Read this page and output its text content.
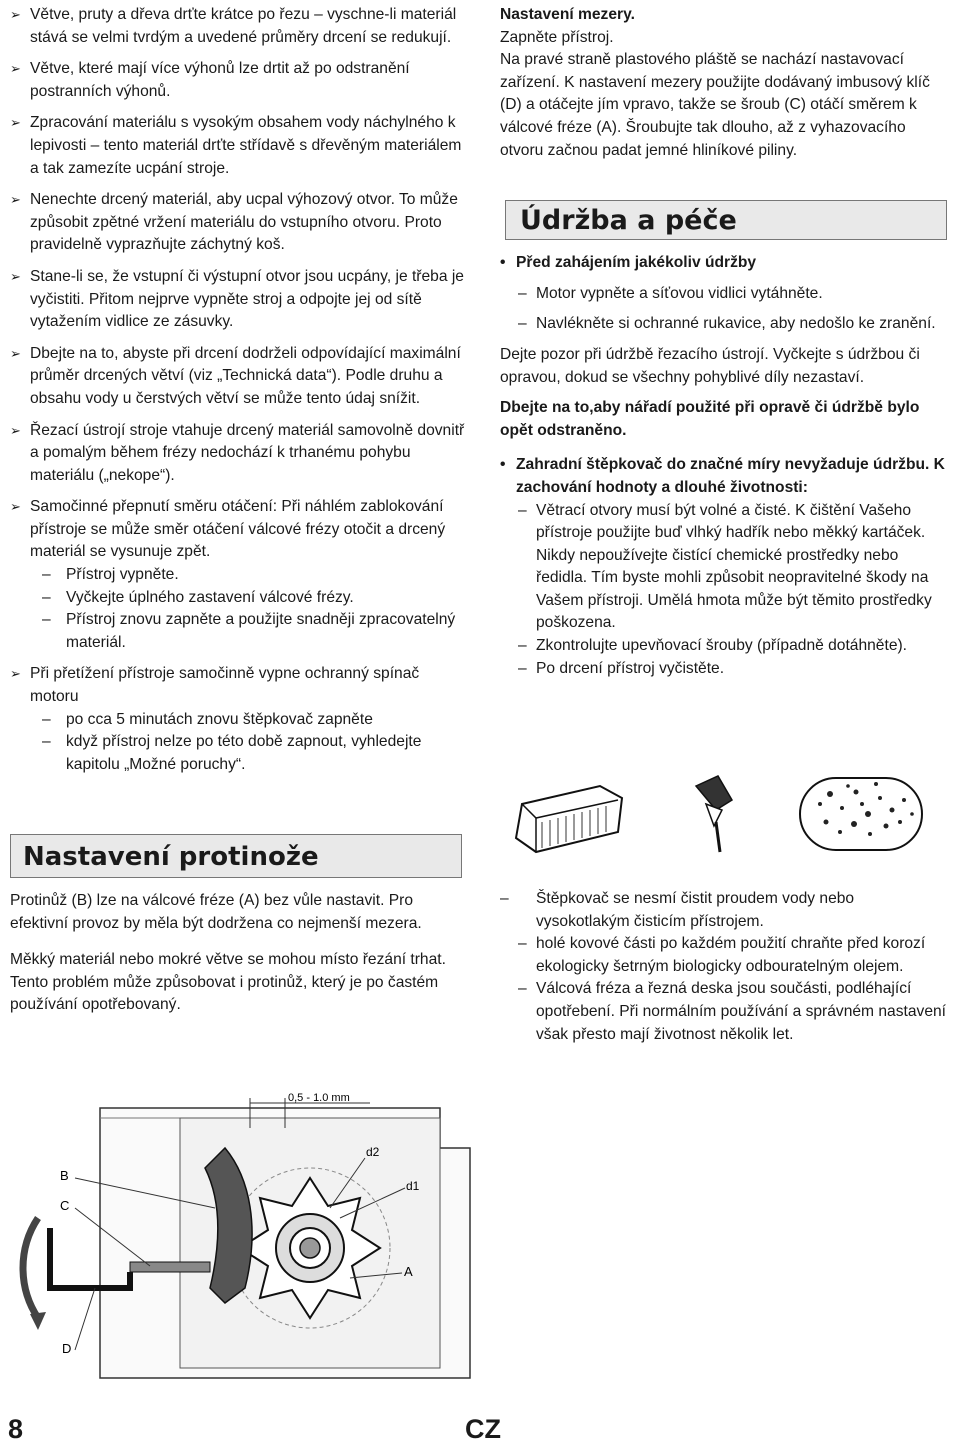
➢ Větve, pruty a dřeva drťte krátce po řezu – vyschne-li materiál stává se velmi tvrdým a uvedené průměry drcení se redukují.

➢ Větve, které mají více výhonů lze drtit až po odstranění postranních výhonů.

➢ Zpracování materiálu s vysokým obsahem vody náchylného k lepivosti – tento materiál drťte střídavě s dřevěným materiálem a tak zamezíte ucpání stroje.

➢ Nenechte drcený materiál, aby ucpal výhozový otvor. To může způsobit zpětné vržení materiálu do vstupního otvoru. Proto pravidelně vyprazňujte záchytný koš.

➢ Stane-li se, že vstupní či výstupní otvor jsou ucpány, je třeba je vyčistiti. Přitom nejprve vypněte stroj a odpojte jej od sítě vytažením vidlice ze zásuvky.

➢ Dbejte na to, abyste při drcení dodrželi odpovídající maximální průměr drcených větví (viz „Technická data“). Podle druhu a obsahu vody u čerstvých větví se může tento údaj snížit.

➢ Řezací ústrojí stroje vtahuje drcený materiál samovolně dovnitř a pomalým během frézy nedochází k trhanému pohybu materiálu („nekope“).

➢ Samočinné přepnutí směru otáčení: Při náhlém zablokování přístroje se může směr otáčení válcové frézy otočit a drcený materiál se vysunuje zpět.

– Přístroj vypněte.
– Vyčkejte úplného zastavení válcové frézy.
– Přístroj znovu zapněte a použijte snadněji zpracovatelný materiál.
➢ Při přetížení přístroje samočinně vypne ochranný spínač motoru

– po cca 5 minutách znovu štěpkovač zapněte
– když přístroj nelze po této době zapnout, vyhledejte kapitolu „Možné poruchy“.

Nastavení mezery.

Zapněte přístroj.

Na pravé straně plastového pláště se nachází nastavovací zařízení. K nastavení mezery použijte dodávaný imbusový klíč (D) a otáčejte jím vpravo, takže se šroub (C) otáčí směrem k válcové fréze (A). Šroubujte tak dlouho, až z vyhazovacího otvoru začnou padat jemné hliníkové piliny.

Údržba a péče
• Před zahájením jakékoliv údržby
– Motor vypněte a síťovou vidlici vytáhněte.
– Navlékněte si ochranné rukavice, aby nedošlo ke zranění.

Dejte pozor při údržbě řezacího ústrojí. Vyčkejte s údržbou či opravou, dokud se všechny pohyblivé díly nezastaví.

Dbejte na to,aby nářadí použité při opravě či údržbě bylo opět odstraněno.

• Zahradní štěpkovač do značné míry nevyžaduje údržbu. K zachování hodnoty a dlouhé životnosti:
– Větrací otvory musí být volné a čisté. K čištění Vašeho přístroje použijte buď vlhký hadřík nebo měkký kartáček. Nikdy nepoužívejte čistící chemické prostředky nebo ředidla. Tím byste mohli způsobit neopravitelné škody na Vašem přístroji. Umělá hmota může být těmito prostředky poškozena.
– Zkontrolujte upevňovací šrouby (případně dotáhněte).
– Po drcení přístroj vyčistěte.
Nastavení protinože

Protinůž (B) lze na válcové fréze (A) bez vůle nastavit. Pro efektivní provoz by měla být dodržena co nejmenší mezera.

Měkký materiál nebo mokré větve se mohou místo řezání trhat. Tento problém může způsobovat i protinůž, který je po častém používání opotřebovaný.

– Štěpkovač se nesmí čistit proudem vody nebo vysokotlakým čisticím přístrojem.
– holé kovové části po každém použití chraňte před korozí ekologicky šetrným biologicky odbouratelným olejem.
– Válcová fréza a řezná deska jsou součásti, podléhající opotřebení. Při normálním používání a správném nastavení však přesto mají životnost několik let.
0,5 - 1.0 mm
B
C
D
A
d1
d2
8	CZ
